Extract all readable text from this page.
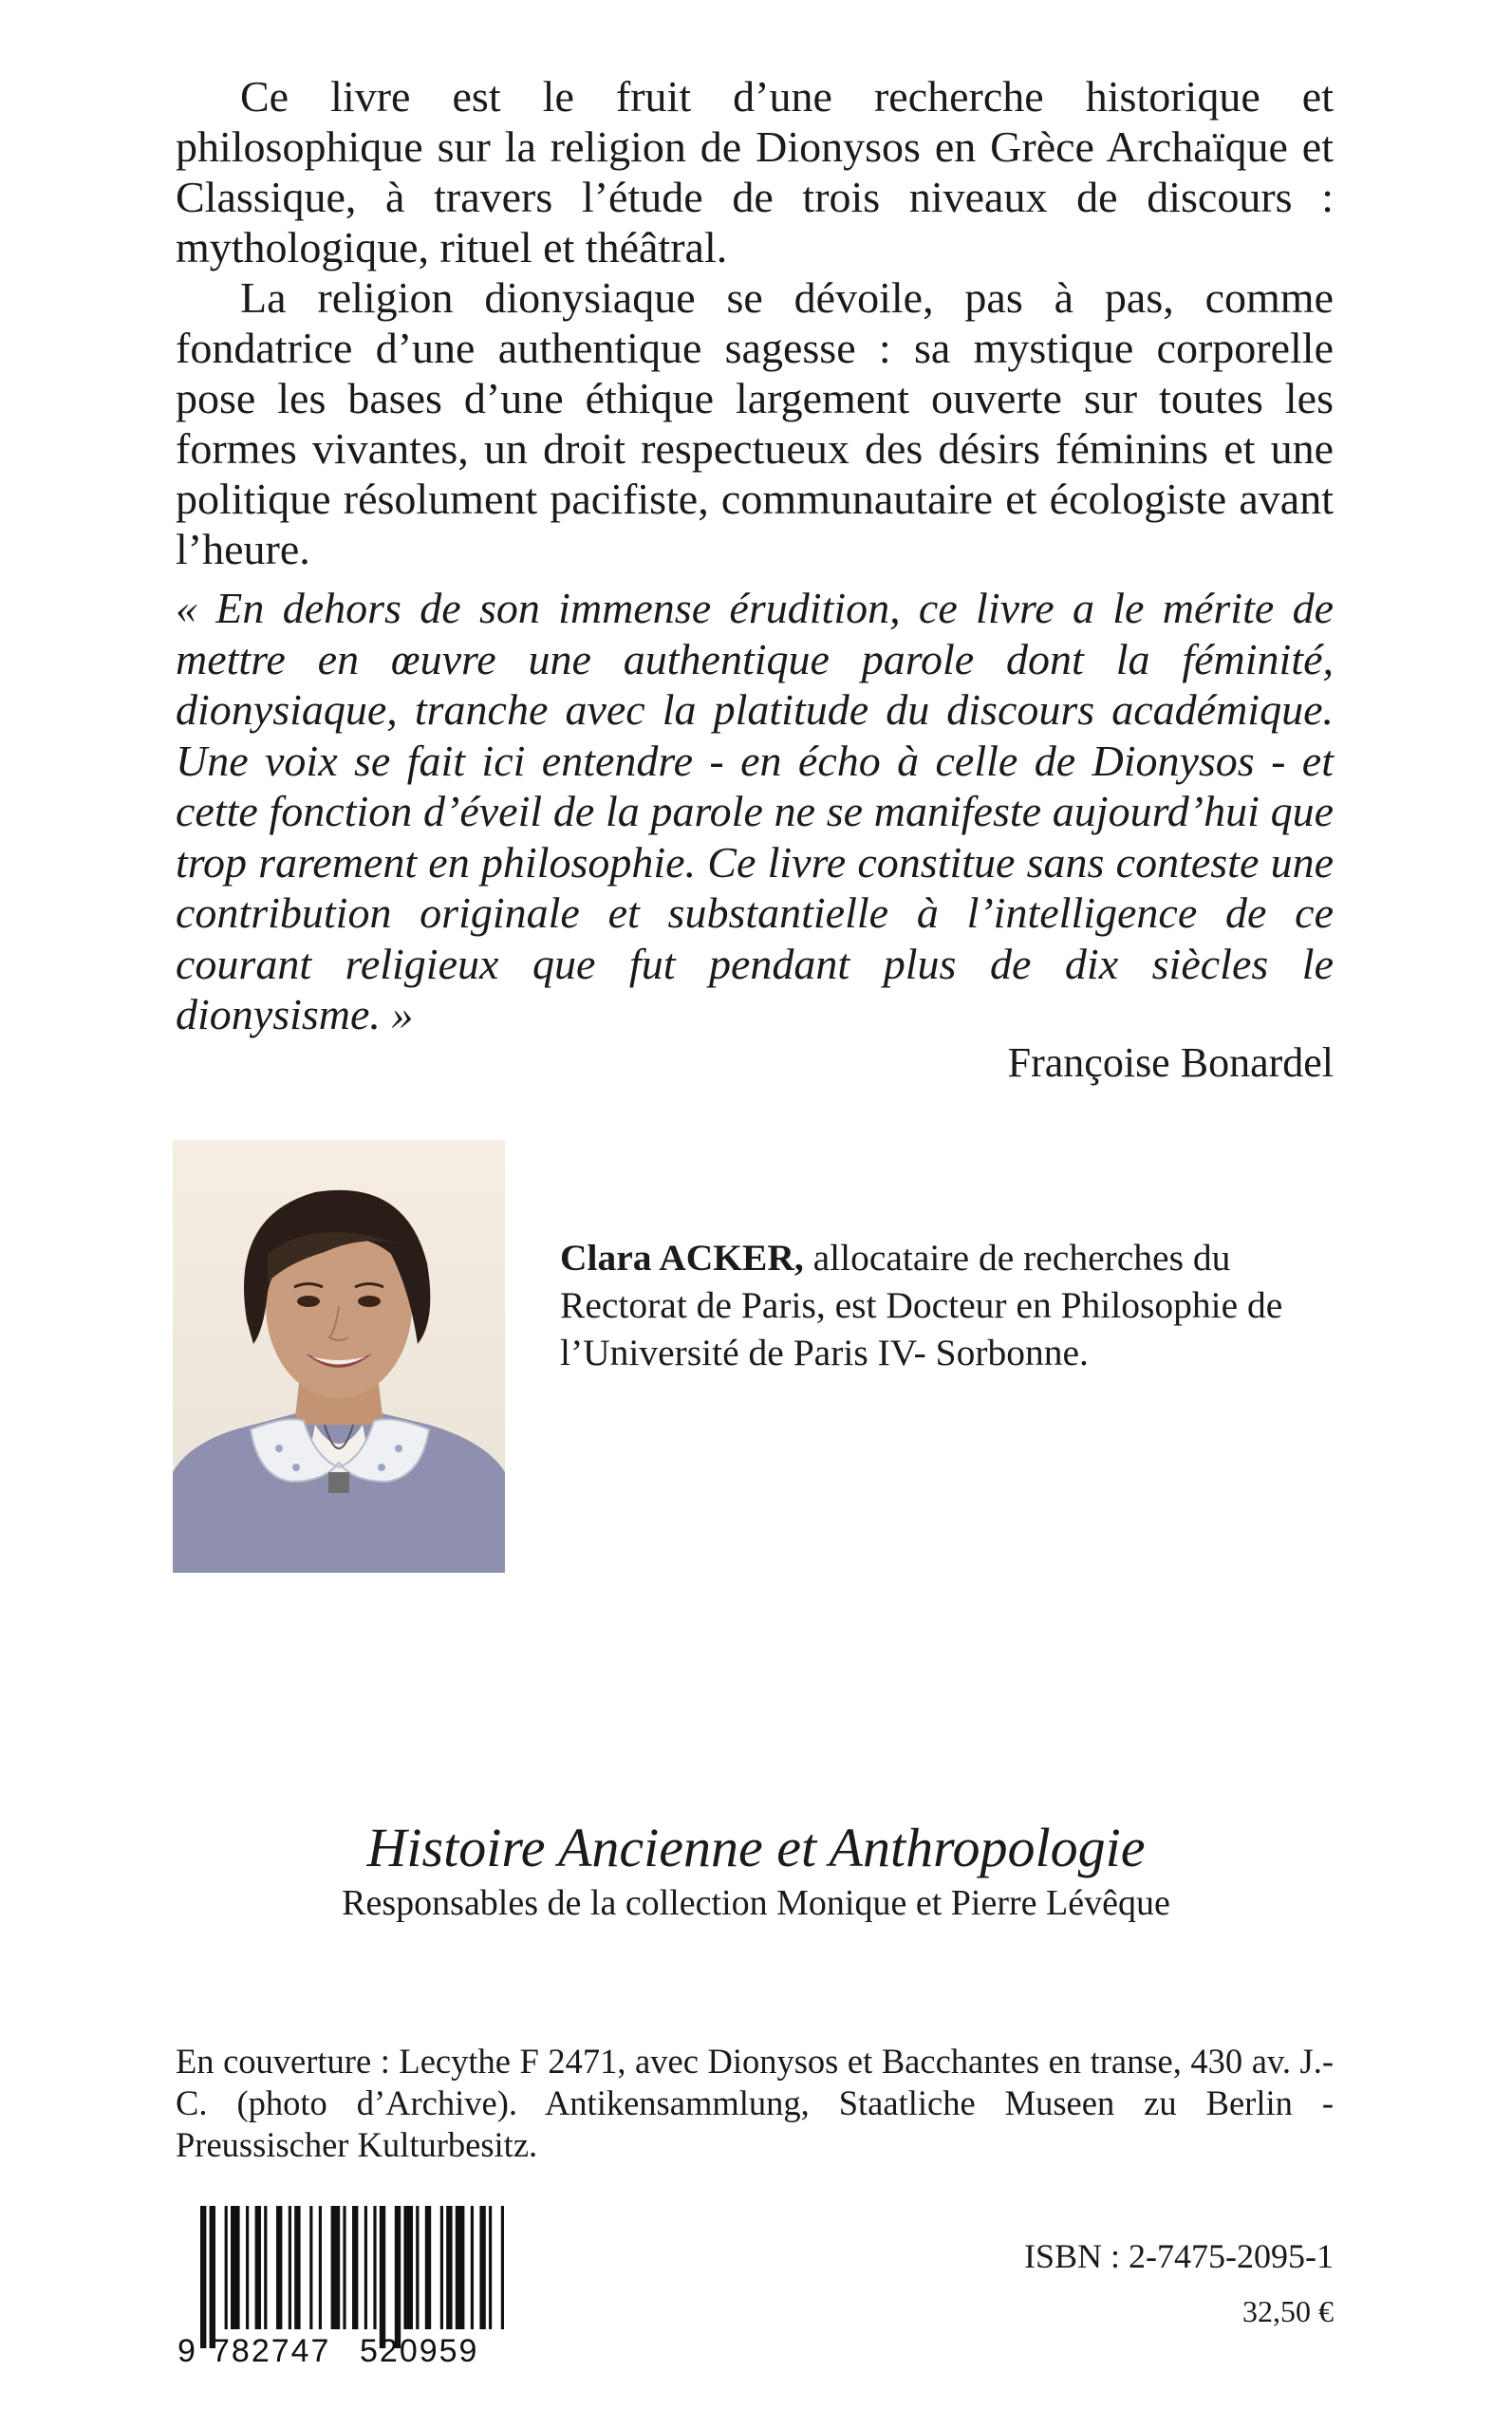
Ce livre est le fruit d’une recherche historique et philosophique sur la religion de Dionysos en Grèce Archaïque et Classique, à travers l’étude de trois niveaux de discours : mythologique, rituel et théâtral.

La religion dionysiaque se dévoile, pas à pas, comme fondatrice d’une authentique sagesse : sa mystique corporelle pose les bases d’une éthique largement ouverte sur toutes les formes vivantes, un droit respectueux des désirs féminins et une politique résolument pacifiste, communautaire et écologiste avant l’heure.

« En dehors de son immense érudition, ce livre a le mérite de mettre en œuvre une authentique parole dont la féminité, dionysiaque, tranche avec la platitude du discours académique. Une voix se fait ici entendre - en écho à celle de Dionysos - et cette fonction d’éveil de la parole ne se manifeste aujourd’hui que trop rarement en philosophie. Ce livre constitue sans conteste une contribution originale et substantielle à l’intelligence de ce courant religieux que fut pendant plus de dix siècles le dionysisme. »

Françoise Bonardel

Clara ACKER, allocataire de recherches du Rectorat de Paris, est Docteur en Philosophie de l’Université de Paris IV- Sorbonne.

Histoire Ancienne et Anthropologie

Responsables de la collection Monique et Pierre Lévêque

En couverture : Lecythe F 2471, avec Dionysos et Bacchantes en transe, 430 av. J.-C. (photo d’Archive). Antikensammlung, Staatliche Museen zu Berlin - Preussischer Kulturbesitz.

9 782747 520959
ISBN : 2-7475-2095-1
32,50 €
